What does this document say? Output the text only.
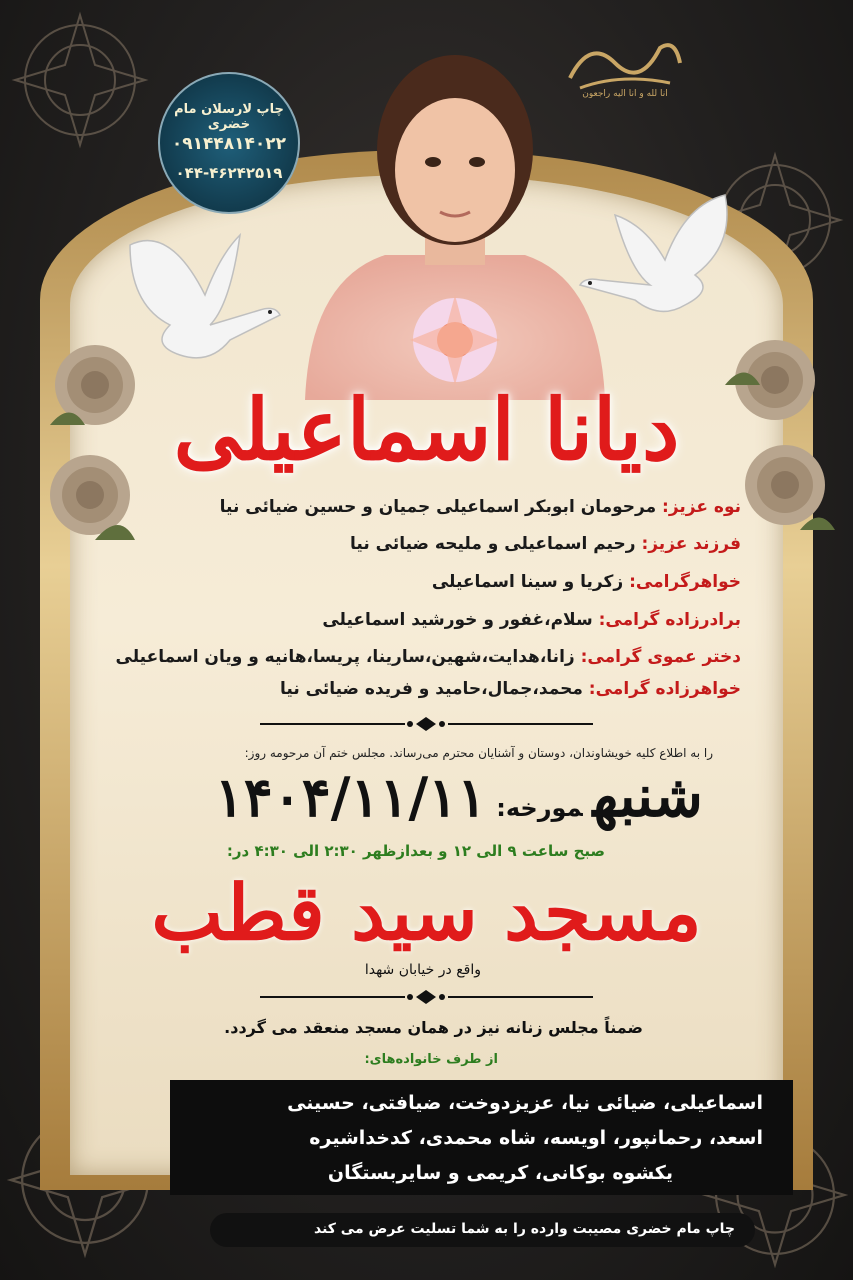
انا لله و انا الیه راجعون
چاپ لارسلان مام خضری
۰۹۱۴۴۸۱۴۰۲۲
۰۴۴-۴۶۲۴۲۵۱۹
دیانا اسماعیلی
نوه عزیز: مرحومان ابوبکر اسماعیلی جمیان و حسین ضیائی نیا
فرزند عزیز: رحیم اسماعیلی و ملیحه ضیائی نیا
خواهرگرامی: زکریا و سینا اسماعیلی
برادرزاده گرامی: سلام،غفور و خورشید اسماعیلی
دختر عموی گرامی: زانا،هدایت،شهین،سارینا، پریسا،هانیه و ویان اسماعیلی
خواهرزاده گرامی: محمد،جمال،حامید و فریده ضیائی نیا
را به اطلاع کلیه خویشاوندان، دوستان و آشنایان محترم می‌رساند. مجلس ختم آن مرحومه روز:
شنبهمورخه:۱۴۰۴/۱۱/۱۱
صبح ساعت ۹ الی ۱۲ و بعدازظهر ۲:۳۰ الی ۴:۳۰ در:
مسجد سید قطب
واقع در خیابان شهدا
ضمناً مجلس زنانه نیز در همان مسجد منعقد می گردد.
از طرف خانواده‌های:
اسماعیلی، ضیائی نیا، عزیزدوخت، ضیافتی، حسینی
اسعد، رحمانپور، اویسه، شاه محمدی، کدخداشیره
یکشوه بوکانی، کریمی و سایربستگان
چاپ مام خضری مصیبت وارده را به شما تسلیت عرض می کند
